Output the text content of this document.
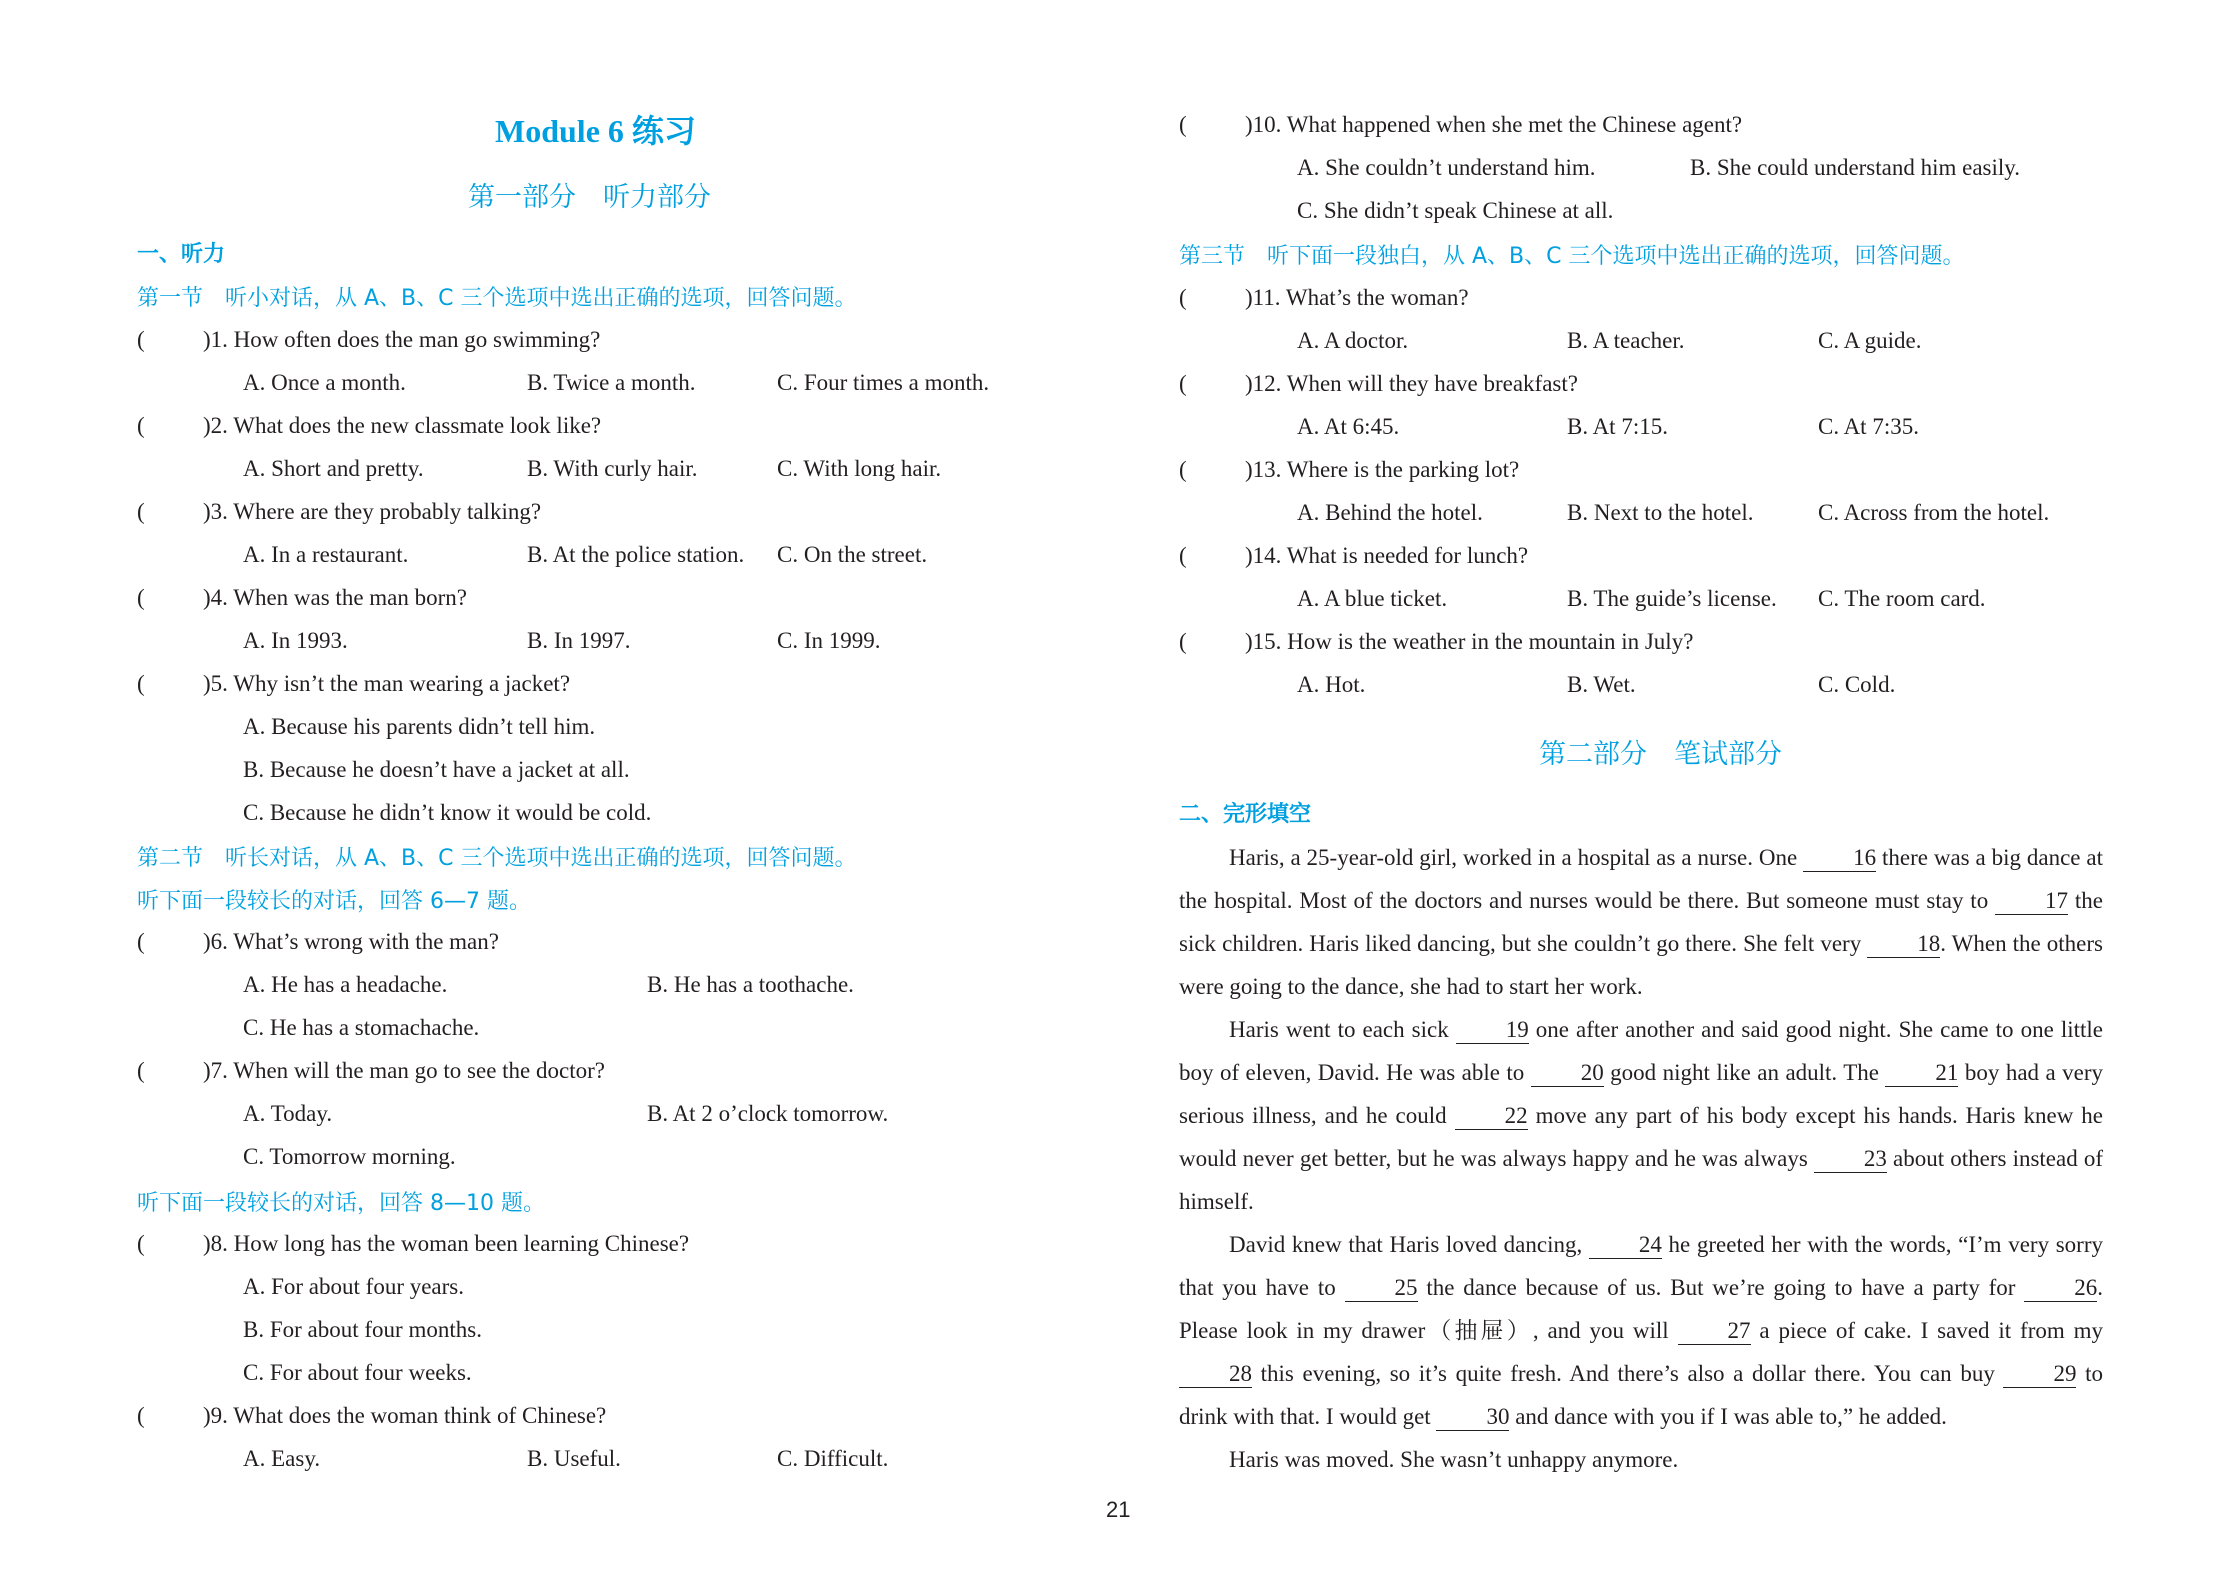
Module 6 练习
第一部分　听力部分
一、听力
第一节　听小对话，从 A、B、C 三个选项中选出正确的选项，回答问题。
(	)1. How often does the man go swimming?
A. Once a month.	B. Twice a month.	C. Four times a month.
(	)2. What does the new classmate look like?
A. Short and pretty.	B. With curly hair.	C. With long hair.
(	)3. Where are they probably talking?
A. In a restaurant.	B. At the police station. C. On the street.
(	)4. When was the man born?
A. In 1993.	B. In 1997.	C. In 1999.
(	)5. Why isn’t the man wearing a jacket?
A. Because his parents didn’t tell him.
B. Because he doesn’t have a jacket at all.
C. Because he didn’t know it would be cold.
第二节　听长对话，从 A、B、C 三个选项中选出正确的选项，回答问题。
听下面一段较长的对话，回答 6—7 题。
(	)6. What’s wrong with the man?
A. He has a headache.	B. He has a toothache.
C. He has a stomachache.
(	)7. When will the man go to see the doctor?
A. Today.	B. At 2 o’clock tomorrow.
C. Tomorrow morning.
听下面一段较长的对话，回答 8—10 题。
(	)8. How long has the woman been learning Chinese?
A. For about four years.
B. For about four months.
C. For about four weeks.
(	)9. What does the woman think of Chinese?
A. Easy.	B. Useful.	C. Difficult.
(	)10. What happened when she met the Chinese agent?
A. She couldn’t understand him.	B. She could understand him easily.
C. She didn’t speak Chinese at all.
第三节　听下面一段独白，从 A、B、C 三个选项中选出正确的选项，回答问题。
(	)11. What’s the woman?
A. A doctor.	B. A teacher.	C. A guide.
(	)12. When will they have breakfast?
A. At 6:45.	B. At 7:15.	C. At 7:35.
(	)13. Where is the parking lot?
A. Behind the hotel.	B. Next to the hotel.	C. Across from the hotel.
(	)14. What is needed for lunch?
A. A blue ticket.	B. The guide’s license. C. The room card.
(	)15. How is the weather in the mountain in July?
A. Hot.	B. Wet.	C. Cold.
第二部分　笔试部分
二、完形填空
Haris, a 25-year-old girl, worked in a hospital as a nurse. One 16 there was a big dance at the hospital. Most of the doctors and nurses would be there. But someone must stay to 17 the sick children. Haris liked dancing, but she couldn’t go there. She felt very 18. When the others were going to the dance, she had to start her work.
Haris went to each sick 19 one after another and said good night. She came to one little boy of eleven, David. He was able to 20 good night like an adult. The 21 boy had a very serious illness, and he could 22 move any part of his body except his hands. Haris knew he would never get better, but he was always happy and he was always 23 about others instead of himself.
David knew that Haris loved dancing, 24 he greeted her with the words, “I’m very sorry that you have to 25 the dance because of us. But we’re going to have a party for 26. Please look in my drawer（抽屉）, and you will 27 a piece of cake. I saved it from my 28 this evening, so it’s quite fresh. And there’s also a dollar there. You can buy 29 to drink with that. I would get 30 and dance with you if I was able to,” he added.
Haris was moved. She wasn’t unhappy anymore.
21
